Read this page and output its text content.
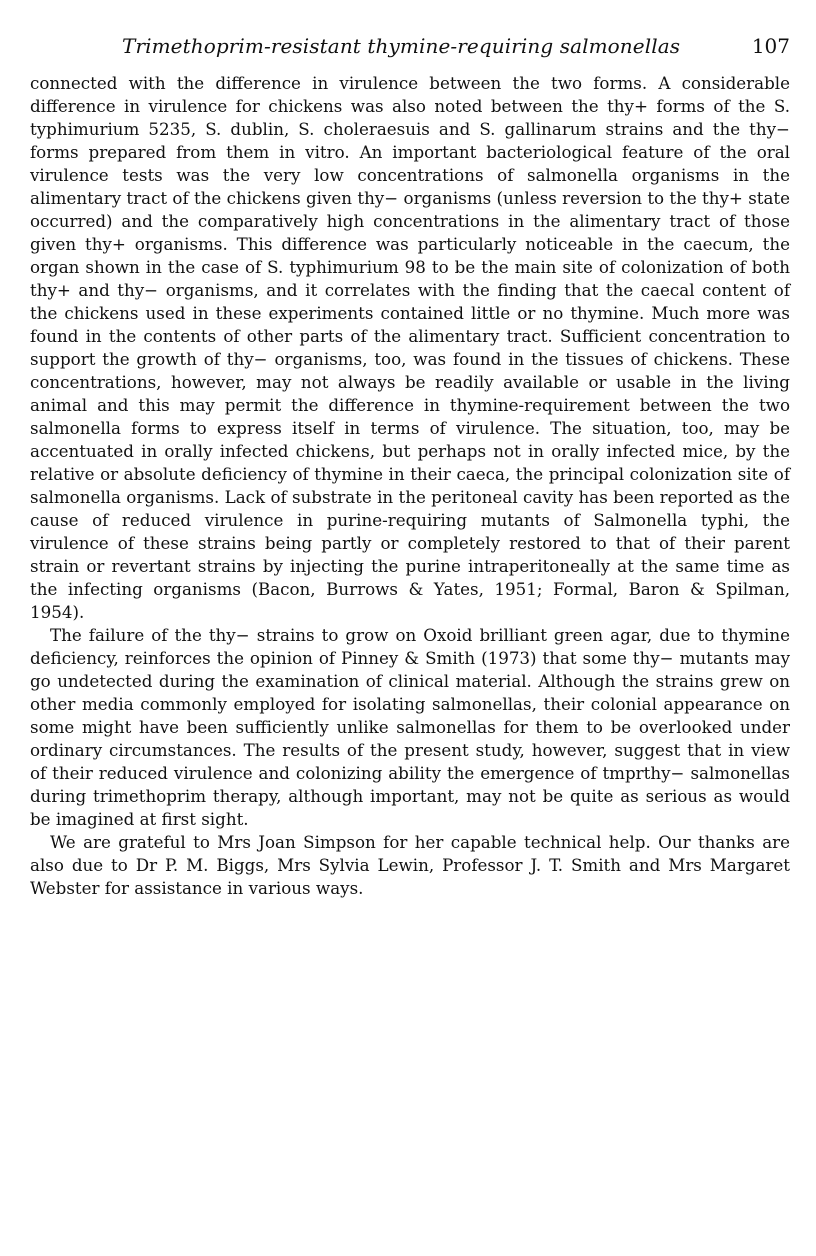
Trimethoprim-resistant thymine-requiring salmonellas	107

connected with the difference in virulence between the two forms. A considerable difference in virulence for chickens was also noted between the thy+ forms of the S. typhimurium 5235, S. dublin, S. choleraesuis and S. gallinarum strains and the thy− forms prepared from them in vitro. An important bacteriological feature of the oral virulence tests was the very low concentrations of salmonella organisms in the alimentary tract of the chickens given thy− organisms (unless reversion to the thy+ state occurred) and the comparatively high concentrations in the alimentary tract of those given thy+ organisms. This difference was particularly noticeable in the caecum, the organ shown in the case of S. typhimurium 98 to be the main site of colonization of both thy+ and thy− organisms, and it correlates with the finding that the caecal content of the chickens used in these experiments contained little or no thymine. Much more was found in the contents of other parts of the alimentary tract. Sufficient concentration to support the growth of thy− organisms, too, was found in the tissues of chickens. These concentrations, however, may not always be readily available or usable in the living animal and this may permit the difference in thymine-requirement between the two salmonella forms to express itself in terms of virulence. The situation, too, may be accentuated in orally infected chickens, but perhaps not in orally infected mice, by the relative or absolute deficiency of thymine in their caeca, the principal colonization site of salmonella organisms. Lack of substrate in the peritoneal cavity has been reported as the cause of reduced virulence in purine-requiring mutants of Salmonella typhi, the virulence of these strains being partly or completely restored to that of their parent strain or revertant strains by injecting the purine intraperitoneally at the same time as the infecting organisms (Bacon, Burrows & Yates, 1951; Formal, Baron & Spilman, 1954).

The failure of the thy− strains to grow on Oxoid brilliant green agar, due to thymine deficiency, reinforces the opinion of Pinney & Smith (1973) that some thy− mutants may go undetected during the examination of clinical material. Although the strains grew on other media commonly employed for isolating salmonellas, their colonial appearance on some might have been sufficiently unlike salmonellas for them to be overlooked under ordinary circumstances. The results of the present study, however, suggest that in view of their reduced virulence and colonizing ability the emergence of tmprthy− salmonellas during trimethoprim therapy, although important, may not be quite as serious as would be imagined at first sight.

We are grateful to Mrs Joan Simpson for her capable technical help. Our thanks are also due to Dr P. M. Biggs, Mrs Sylvia Lewin, Professor J. T. Smith and Mrs Margaret Webster for assistance in various ways.
